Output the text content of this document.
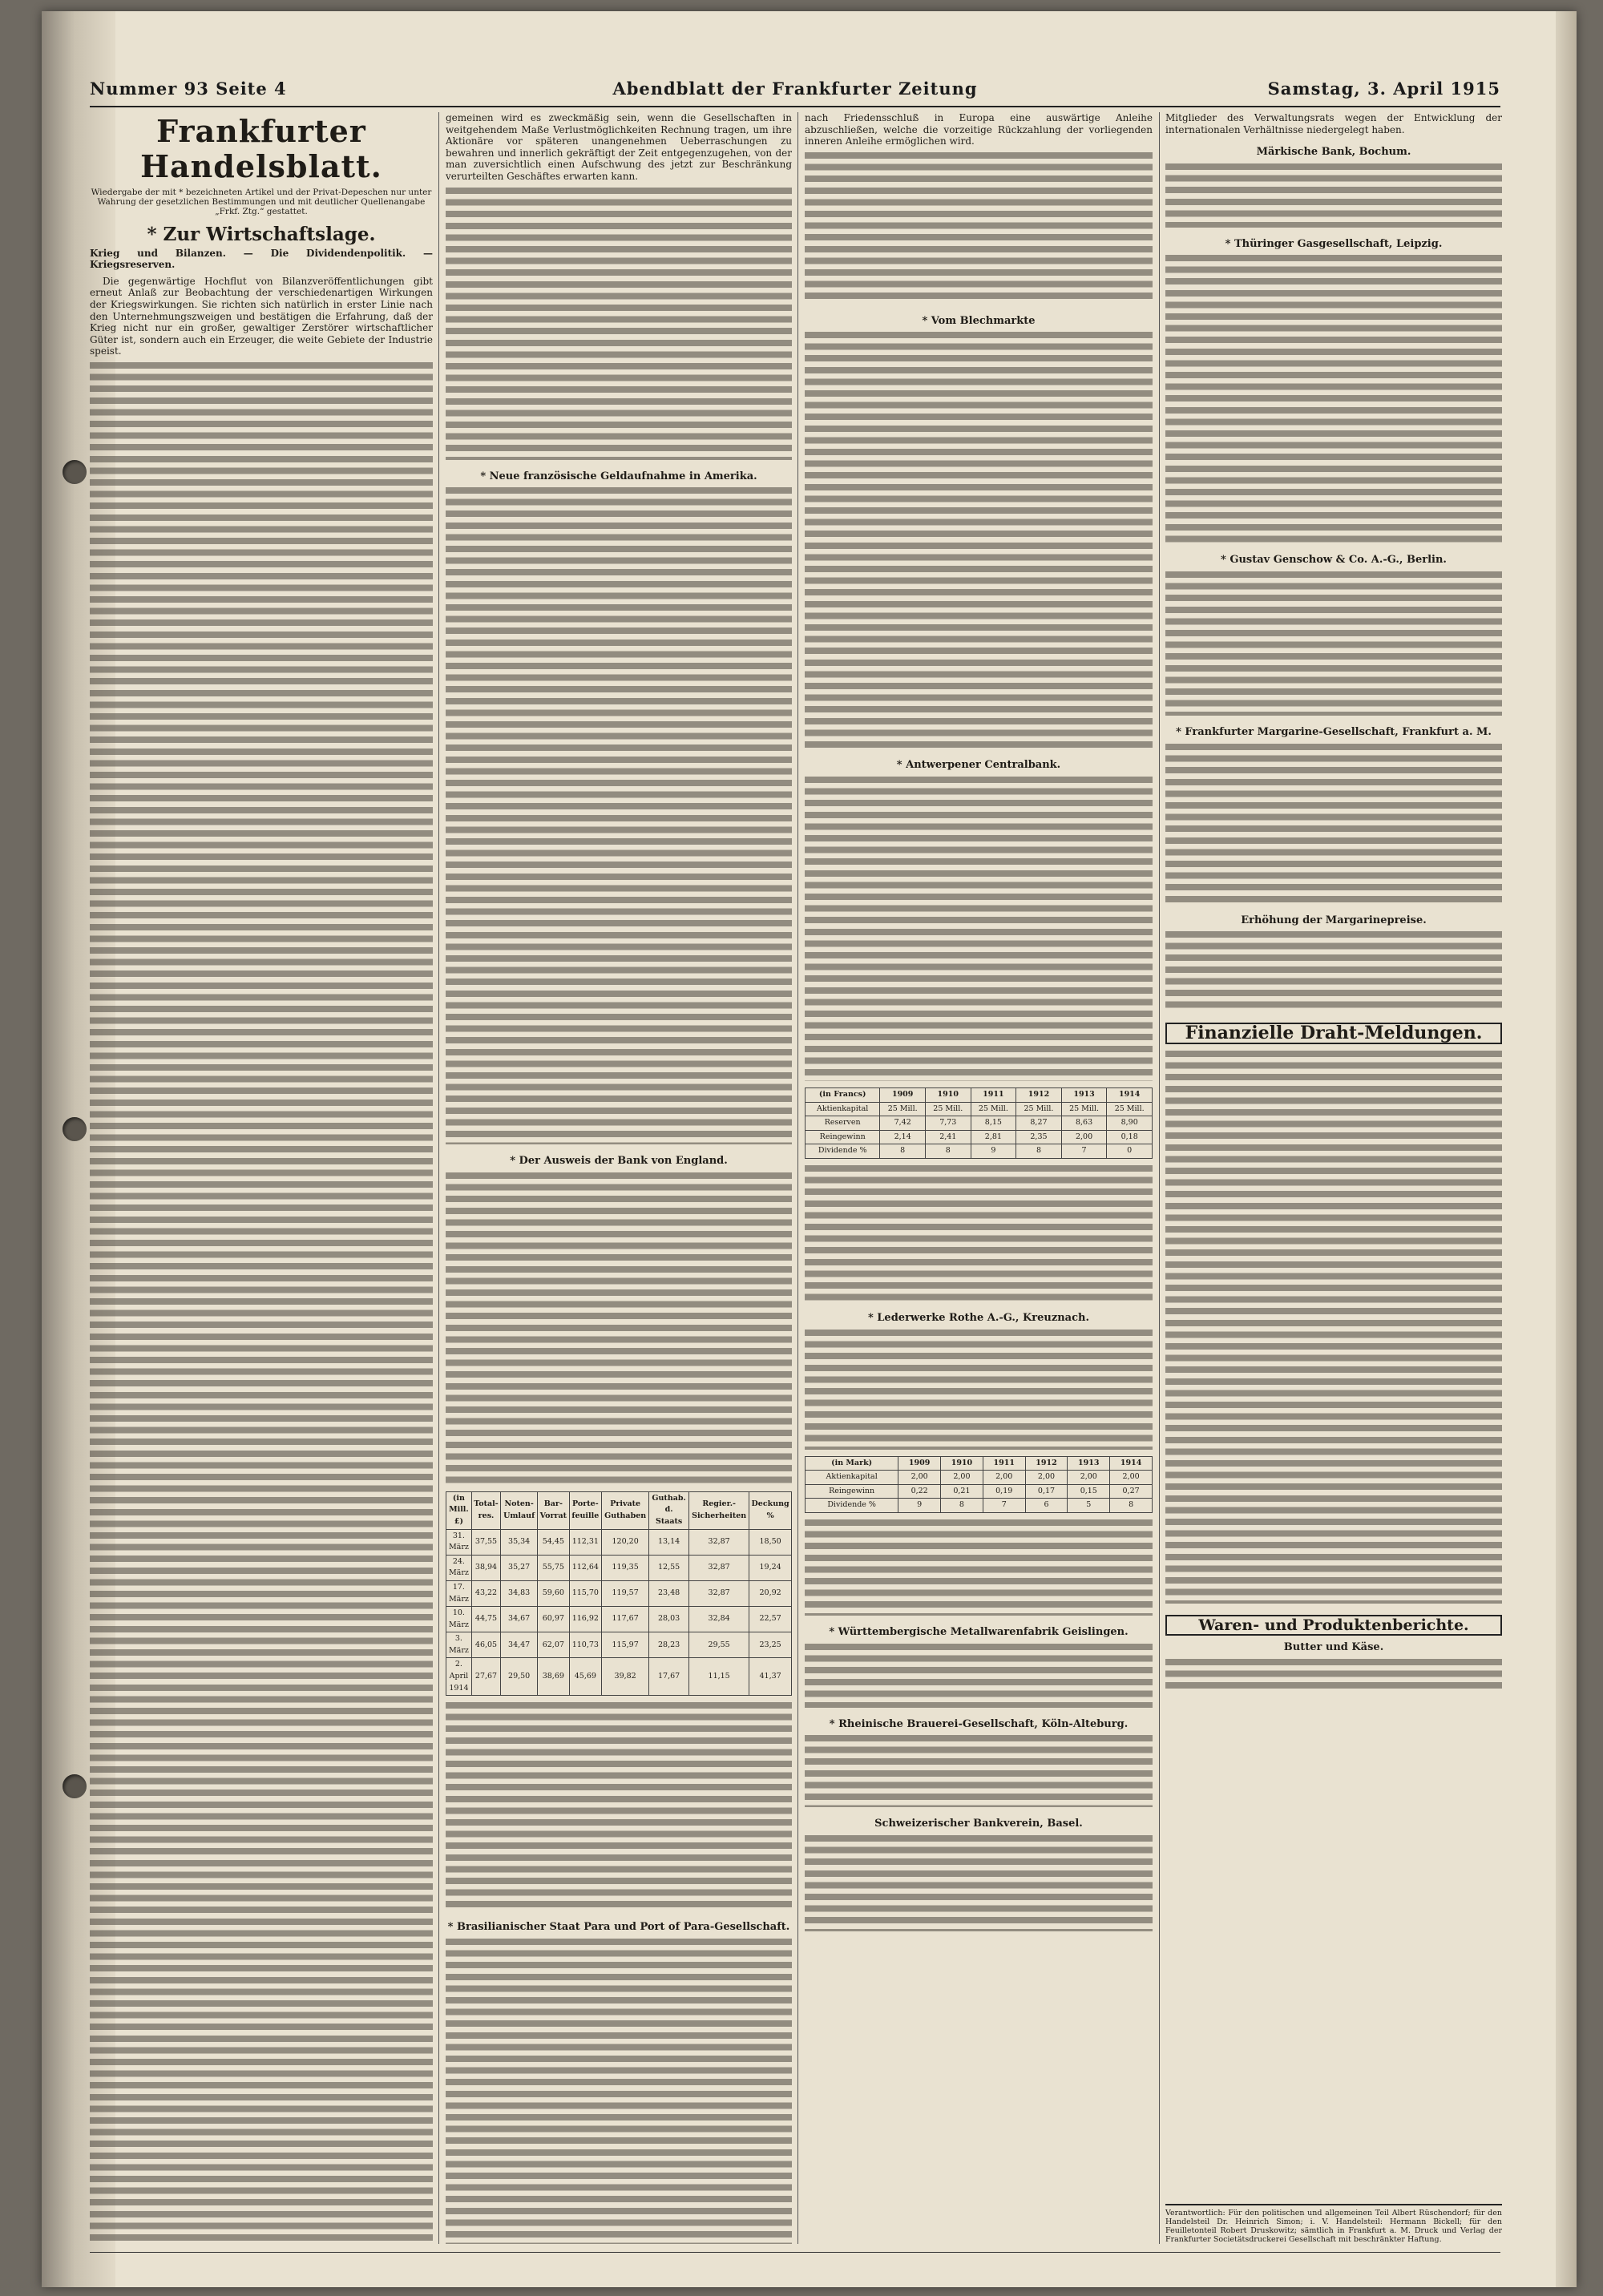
Nummer 93 Seite 4	Abendblatt der Frankfurter Zeitung	Samstag, 3. April 1915
Frankfurter Handelsblatt.
Wiedergabe der mit * bezeichneten Artikel und der Privat-Depeschen nur unter Wahrung der gesetzlichen Bestimmungen und mit deutlicher Quellenangabe „Frkf. Ztg.“ gestattet.
* Zur Wirtschaftslage.
Krieg und Bilanzen. — Die Dividendenpolitik. — Kriegsreserven.

Die gegenwärtige Hochflut von Bilanzveröffentlichungen gibt erneut Anlaß zur Beobachtung der verschiedenartigen Wirkungen der Kriegswirkungen. Sie richten sich natürlich in erster Linie nach den Unternehmungszweigen und bestätigen die Erfahrung, daß der Krieg nicht nur ein großer, gewaltiger Zerstörer wirtschaftlicher Güter ist, sondern auch ein Erzeuger, die weite Gebiete der Industrie speist.

gemeinen wird es zweckmäßig sein, wenn die Gesellschaften in weitgehendem Maße Verlustmöglichkeiten Rechnung tragen, um ihre Aktionäre vor späteren unangenehmen Ueberraschungen zu bewahren und innerlich gekräftigt der Zeit entgegenzugehen, von der man zuversichtlich einen Aufschwung des jetzt zur Beschränkung verurteilten Geschäftes erwarten kann.

* Neue französische Geldaufnahme in Amerika.
* Der Ausweis der Bank von England.
(in Mill. £)	Total-res.	Noten-Umlauf	Bar-Vorrat	Porte-feuille	Private Guthaben	Guthab. d. Staats	Regier.-Sicherheiten	Deckung %
31. März	37,55	35,34	54,45	112,31	120,20	13,14	32,87	18,50
24. März	38,94	35,27	55,75	112,64	119,35	12,55	32,87	19,24
17. März	43,22	34,83	59,60	115,70	119,57	23,48	32,87	20,92
10. März	44,75	34,67	60,97	116,92	117,67	28,03	32,84	22,57
3. März	46,05	34,47	62,07	110,73	115,97	28,23	29,55	23,25
2. April 1914	27,67	29,50	38,69	45,69	39,82	17,67	11,15	41,37
* Brasilianischer Staat Para und Port of Para-Gesellschaft.

nach Friedensschluß in Europa eine auswärtige Anleihe abzuschließen, welche die vorzeitige Rückzahlung der vorliegenden inneren Anleihe ermöglichen wird.

* Vom Blechmarkte
* Antwerpener Centralbank.
(in Francs)	1909	1910	1911	1912	1913	1914
Aktienkapital	25 Mill.	25 Mill.	25 Mill.	25 Mill.	25 Mill.	25 Mill.
Reserven	7,42	7,73	8,15	8,27	8,63	8,90
Reingewinn	2,14	2,41	2,81	2,35	2,00	0,18
Dividende %	8	8	9	8	7	0
* Lederwerke Rothe A.-G., Kreuznach.
(in Mark)	1909	1910	1911	1912	1913	1914
Aktienkapital	2,00	2,00	2,00	2,00	2,00	2,00
Reingewinn	0,22	0,21	0,19	0,17	0,15	0,27
Dividende %	9	8	7	6	5	8
* Württembergische Metallwarenfabrik Geislingen.
* Rheinische Brauerei-Gesellschaft, Köln-Alteburg.
Schweizerischer Bankverein, Basel.

Mitglieder des Verwaltungsrats wegen der Entwicklung der internationalen Verhältnisse niedergelegt haben.

Märkische Bank, Bochum.
* Thüringer Gasgesellschaft, Leipzig.
* Gustav Genschow & Co. A.-G., Berlin.
* Frankfurter Margarine-Gesellschaft, Frankfurt a. M.
Erhöhung der Margarinepreise.
Finanzielle Draht-Meldungen.
Waren- und Produktenberichte.
Butter und Käse.
Verantwortlich: Für den politischen und allgemeinen Teil Albert Rüschendorf; für den Handelsteil Dr. Heinrich Simon; i. V. Handelsteil: Hermann Bickell; für den Feuilletonteil Robert Druskowitz; sämtlich in Frankfurt a. M. Druck und Verlag der Frankfurter Societätsdruckerei Gesellschaft mit beschränkter Haftung.
